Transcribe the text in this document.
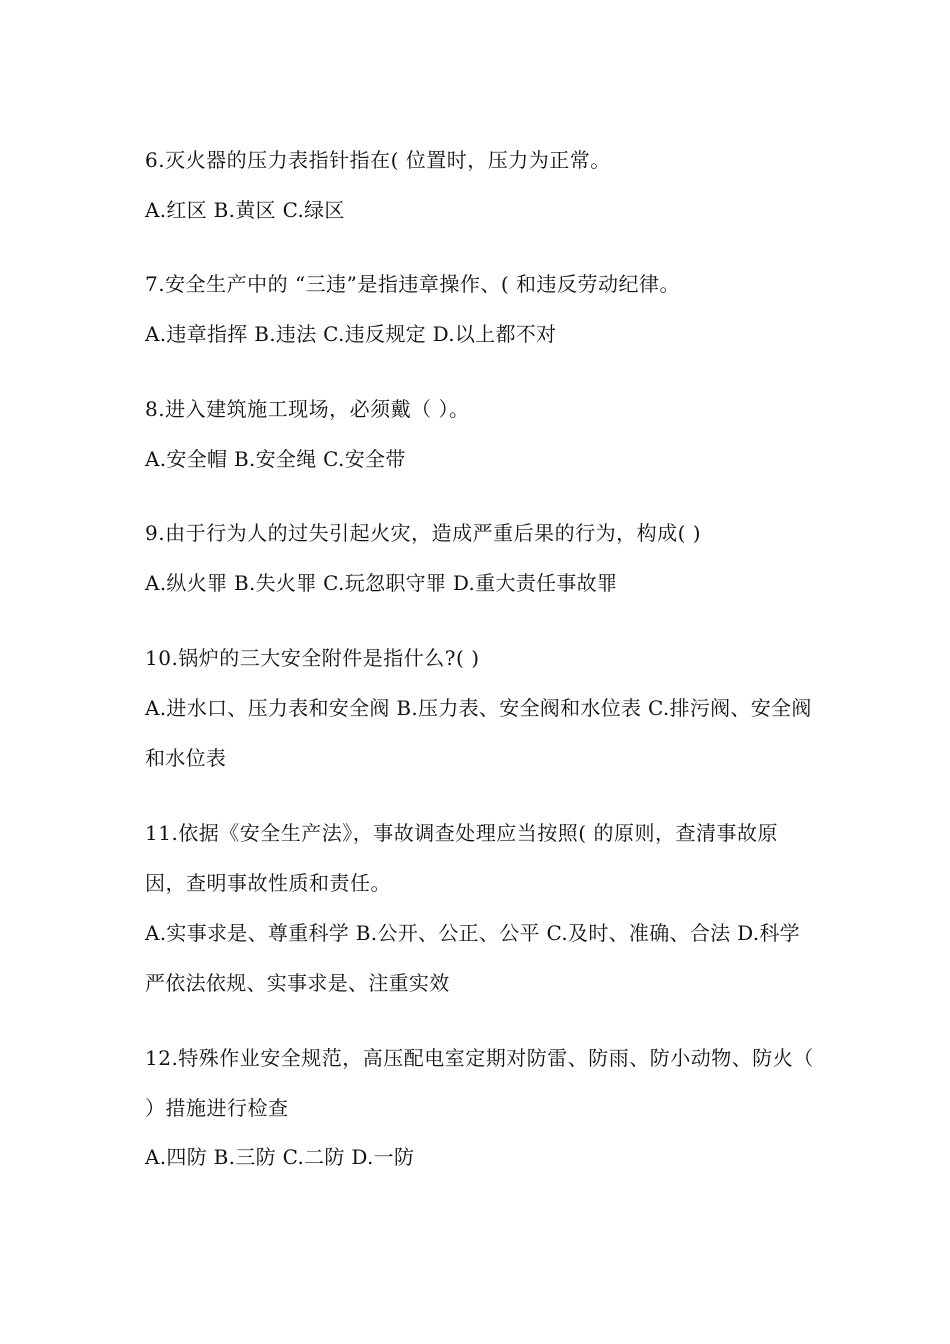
6.灭火器的压力表指针指在( 位置时，压力为正常。
A.红区 B.黄区 C.绿区
7.安全生产中的 “三违”是指违章操作、( 和违反劳动纪律。
A.违章指挥 B.违法 C.违反规定 D.以上都不对
8.进入建筑施工现场，必须戴（ ）。
A.安全帽 B.安全绳 C.安全带
9.由于行为人的过失引起火灾，造成严重后果的行为，构成( )
A.纵火罪 B.失火罪 C.玩忽职守罪 D.重大责任事故罪
10.锅炉的三大安全附件是指什么?( )
A.进水口、压力表和安全阀 B.压力表、安全阀和水位表 C.排污阀、安全阀和水位表
11.依据《安全生产法》，事故调查处理应当按照( 的原则，查清事故原因，查明事故性质和责任。
A.实事求是、尊重科学 B.公开、公正、公平 C.及时、准确、合法 D.科学严依法依规、实事求是、注重实效
12.特殊作业安全规范，高压配电室定期对防雷、防雨、防小动物、防火（ ）措施进行检查
A.四防 B.三防 C.二防 D.一防
